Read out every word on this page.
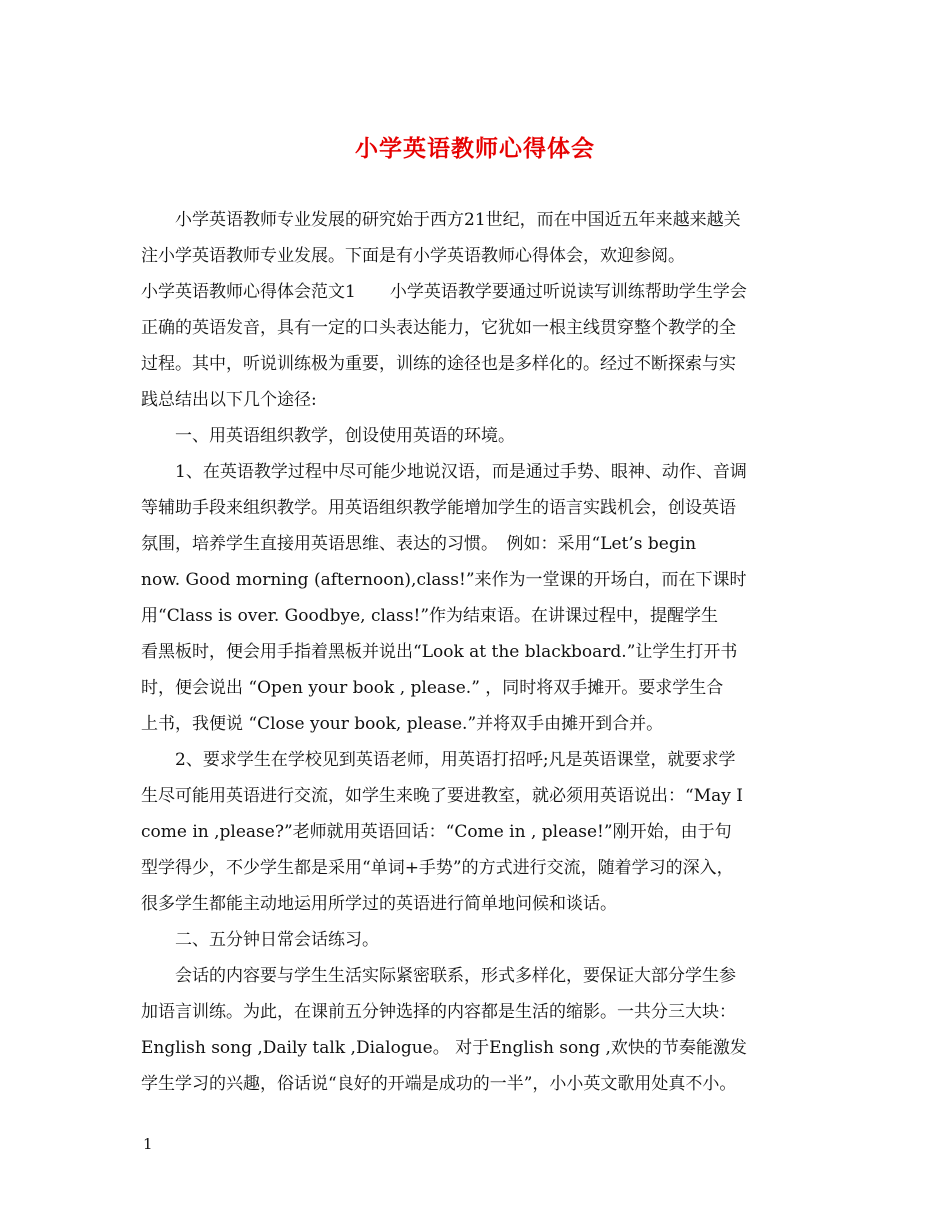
小学英语教师心得体会

小学英语教师专业发展的研究始于西方21世纪，而在中国近五年来越来越关

注小学英语教师专业发展。下面是有小学英语教师心得体会，欢迎参阅。

小学英语教师心得体会范文1　　小学英语教学要通过听说读写训练帮助学生学会

正确的英语发音，具有一定的口头表达能力，它犹如一根主线贯穿整个教学的全

过程。其中，听说训练极为重要，训练的途径也是多样化的。经过不断探索与实

践总结出以下几个途径:

一、用英语组织教学，创设使用英语的环境。

1、在英语教学过程中尽可能少地说汉语，而是通过手势、眼神、动作、音调

等辅助手段来组织教学。用英语组织教学能增加学生的语言实践机会，创设英语

氛围，培养学生直接用英语思维、表达的习惯。　例如：采用“Let’s begin

now. Good morning (afternoon),class!”来作为一堂课的开场白，而在下课时

用“Class is over. Goodbye, class!”作为结束语。在讲课过程中，提醒学生

看黑板时，便会用手指着黑板并说出“Look at the blackboard.”让学生打开书

时，便会说出 “Open your book , please.” ，同时将双手摊开。要求学生合

上书，我便说 “Close your book, please.”并将双手由摊开到合并。

2、要求学生在学校见到英语老师，用英语打招呼;凡是英语课堂，就要求学

生尽可能用英语进行交流，如学生来晚了要进教室，就必须用英语说出：“May I

come in ,please?”老师就用英语回话：“Come in , please!”刚开始，由于句

型学得少，不少学生都是采用“单词+手势”的方式进行交流，随着学习的深入，

很多学生都能主动地运用所学过的英语进行简单地问候和谈话。

二、五分钟日常会话练习。

会话的内容要与学生生活实际紧密联系，形式多样化，要保证大部分学生参

加语言训练。为此，在课前五分钟选择的内容都是生活的缩影。一共分三大块：

English song ,Daily talk ,Dialogue。 对于English song ,欢快的节奏能激发

学生学习的兴趣，俗话说“良好的开端是成功的一半”，小小英文歌用处真不小。

1
